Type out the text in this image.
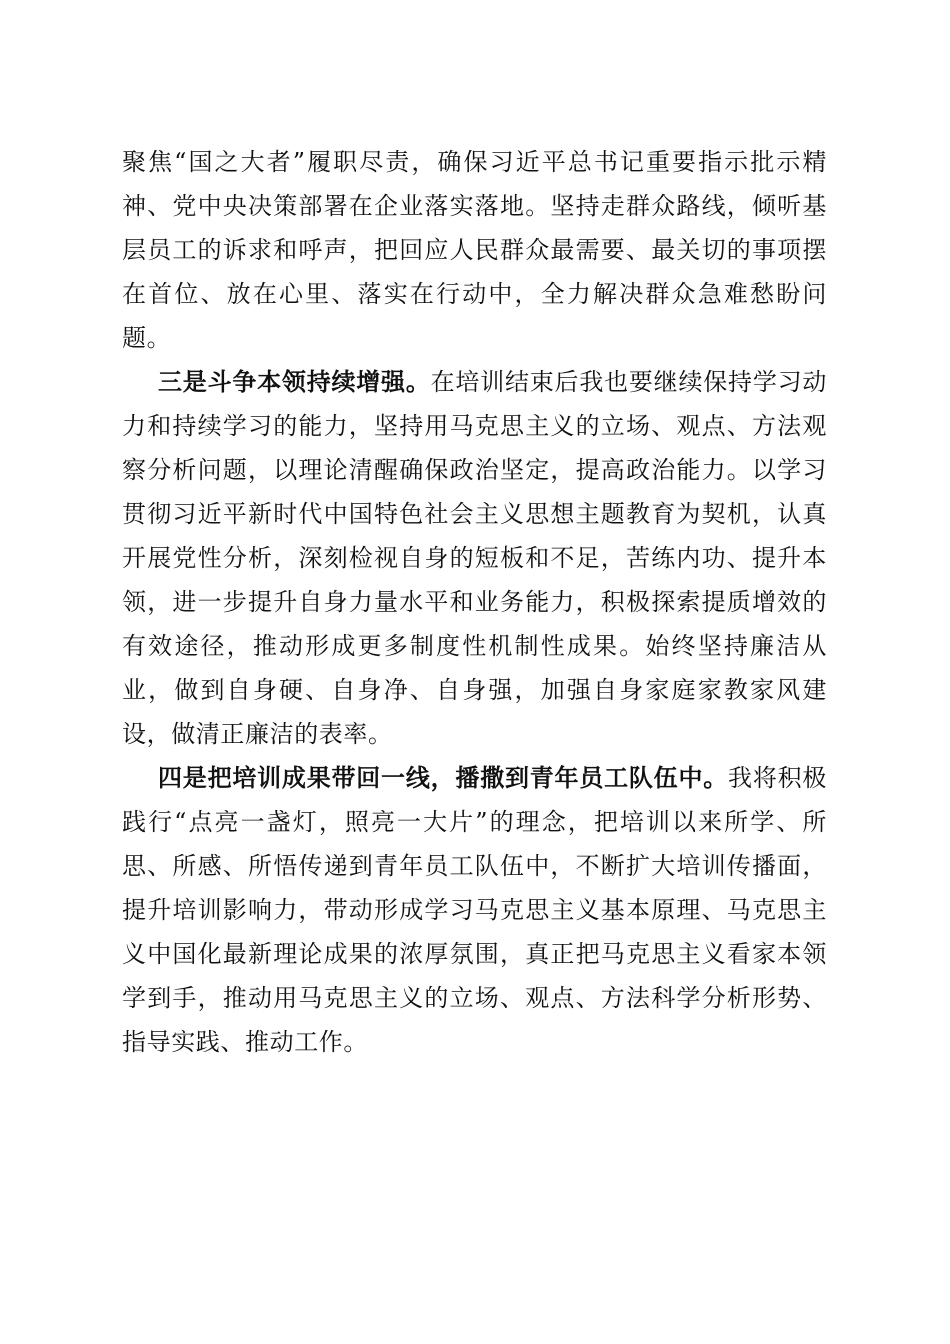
聚焦“国之大者”履职尽责，确保习近平总书记重要指示批示精神、党中央决策部署在企业落实落地。坚持走群众路线，倾听基层员工的诉求和呼声，把回应人民群众最需要、最关切的事项摆在首位、放在心里、落实在行动中，全力解决群众急难愁盼问题。

三是斗争本领持续增强。在培训结束后我也要继续保持学习动力和持续学习的能力，坚持用马克思主义的立场、观点、方法观察分析问题，以理论清醒确保政治坚定，提高政治能力。以学习贯彻习近平新时代中国特色社会主义思想主题教育为契机，认真开展党性分析，深刻检视自身的短板和不足，苦练内功、提升本领，进一步提升自身力量水平和业务能力，积极探索提质增效的有效途径，推动形成更多制度性机制性成果。始终坚持廉洁从业，做到自身硬、自身净、自身强，加强自身家庭家教家风建设，做清正廉洁的表率。

四是把培训成果带回一线，播撒到青年员工队伍中。我将积极践行“点亮一盏灯，照亮一大片”的理念，把培训以来所学、所思、所感、所悟传递到青年员工队伍中，不断扩大培训传播面，提升培训影响力，带动形成学习马克思主义基本原理、马克思主义中国化最新理论成果的浓厚氛围，真正把马克思主义看家本领学到手，推动用马克思主义的立场、观点、方法科学分析形势、指导实践、推动工作。
